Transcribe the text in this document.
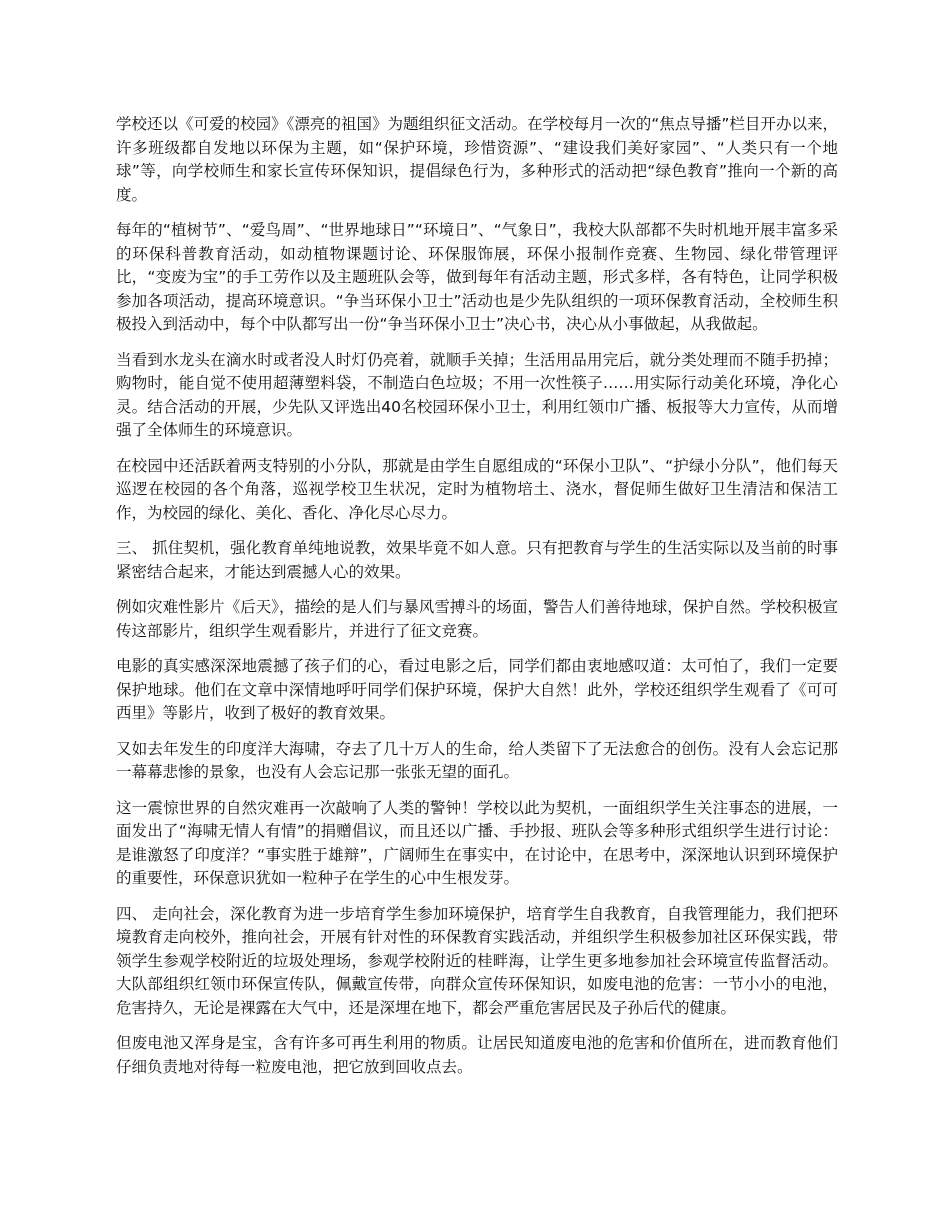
学校还以《可爱的校园》《漂亮的祖国》为题组织征文活动。在学校每月一次的“焦点导播”栏目开办以来，许多班级都自发地以环保为主题，如“保护环境，珍惜资源”、“建设我们美好家园”、“人类只有一个地球”等，向学校师生和家长宣传环保知识，提倡绿色行为，多种形式的活动把“绿色教育”推向一个新的高度。

每年的“植树节”、“爱鸟周”、“世界地球日”“环境日”、“气象日”，我校大队部都不失时机地开展丰富多采的环保科普教育活动，如动植物课题讨论、环保服饰展，环保小报制作竞赛、生物园、绿化带管理评比，“变废为宝”的手工劳作以及主题班队会等，做到每年有活动主题，形式多样，各有特色，让同学积极参加各项活动，提高环境意识。“争当环保小卫士”活动也是少先队组织的一项环保教育活动，全校师生积极投入到活动中，每个中队都写出一份“争当环保小卫士”决心书，决心从小事做起，从我做起。

当看到水龙头在滴水时或者没人时灯仍亮着，就顺手关掉；生活用品用完后，就分类处理而不随手扔掉；购物时，能自觉不使用超薄塑料袋，不制造白色垃圾；不用一次性筷子……用实际行动美化环境，净化心灵。结合活动的开展，少先队又评选出40名校园环保小卫士，利用红领巾广播、板报等大力宣传，从而增强了全体师生的环境意识。

在校园中还活跃着两支特别的小分队，那就是由学生自愿组成的“环保小卫队”、“护绿小分队”，他们每天巡逻在校园的各个角落，巡视学校卫生状况，定时为植物培土、浇水，督促师生做好卫生清洁和保洁工作，为校园的绿化、美化、香化、净化尽心尽力。

三、 抓住契机，强化教育单纯地说教，效果毕竟不如人意。只有把教育与学生的生活实际以及当前的时事紧密结合起来，才能达到震撼人心的效果。

例如灾难性影片《后天》，描绘的是人们与暴风雪搏斗的场面，警告人们善待地球，保护自然。学校积极宣传这部影片，组织学生观看影片，并进行了征文竞赛。

电影的真实感深深地震撼了孩子们的心，看过电影之后，同学们都由衷地感叹道：太可怕了，我们一定要保护地球。他们在文章中深情地呼吁同学们保护环境，保护大自然！此外，学校还组织学生观看了《可可西里》等影片，收到了极好的教育效果。

又如去年发生的印度洋大海啸，夺去了几十万人的生命，给人类留下了无法愈合的创伤。没有人会忘记那一幕幕悲惨的景象，也没有人会忘记那一张张无望的面孔。

这一震惊世界的自然灾难再一次敲响了人类的警钟！学校以此为契机，一面组织学生关注事态的进展，一面发出了“海啸无情人有情”的捐赠倡议，而且还以广播、手抄报、班队会等多种形式组织学生进行讨论：是谁激怒了印度洋？“事实胜于雄辩”，广阔师生在事实中，在讨论中，在思考中，深深地认识到环境保护的重要性，环保意识犹如一粒种子在学生的心中生根发芽。

四、 走向社会，深化教育为进一步培育学生参加环境保护，培育学生自我教育，自我管理能力，我们把环境教育走向校外，推向社会，开展有针对性的环保教育实践活动，并组织学生积极参加社区环保实践，带领学生参观学校附近的垃圾处理场，参观学校附近的桂畔海，让学生更多地参加社会环境宣传监督活动。大队部组织红领巾环保宣传队，佩戴宣传带，向群众宣传环保知识，如废电池的危害：一节小小的电池，危害持久，无论是裸露在大气中，还是深埋在地下，都会严重危害居民及子孙后代的健康。

但废电池又浑身是宝，含有许多可再生利用的物质。让居民知道废电池的危害和价值所在，进而教育他们仔细负责地对待每一粒废电池，把它放到回收点去。
